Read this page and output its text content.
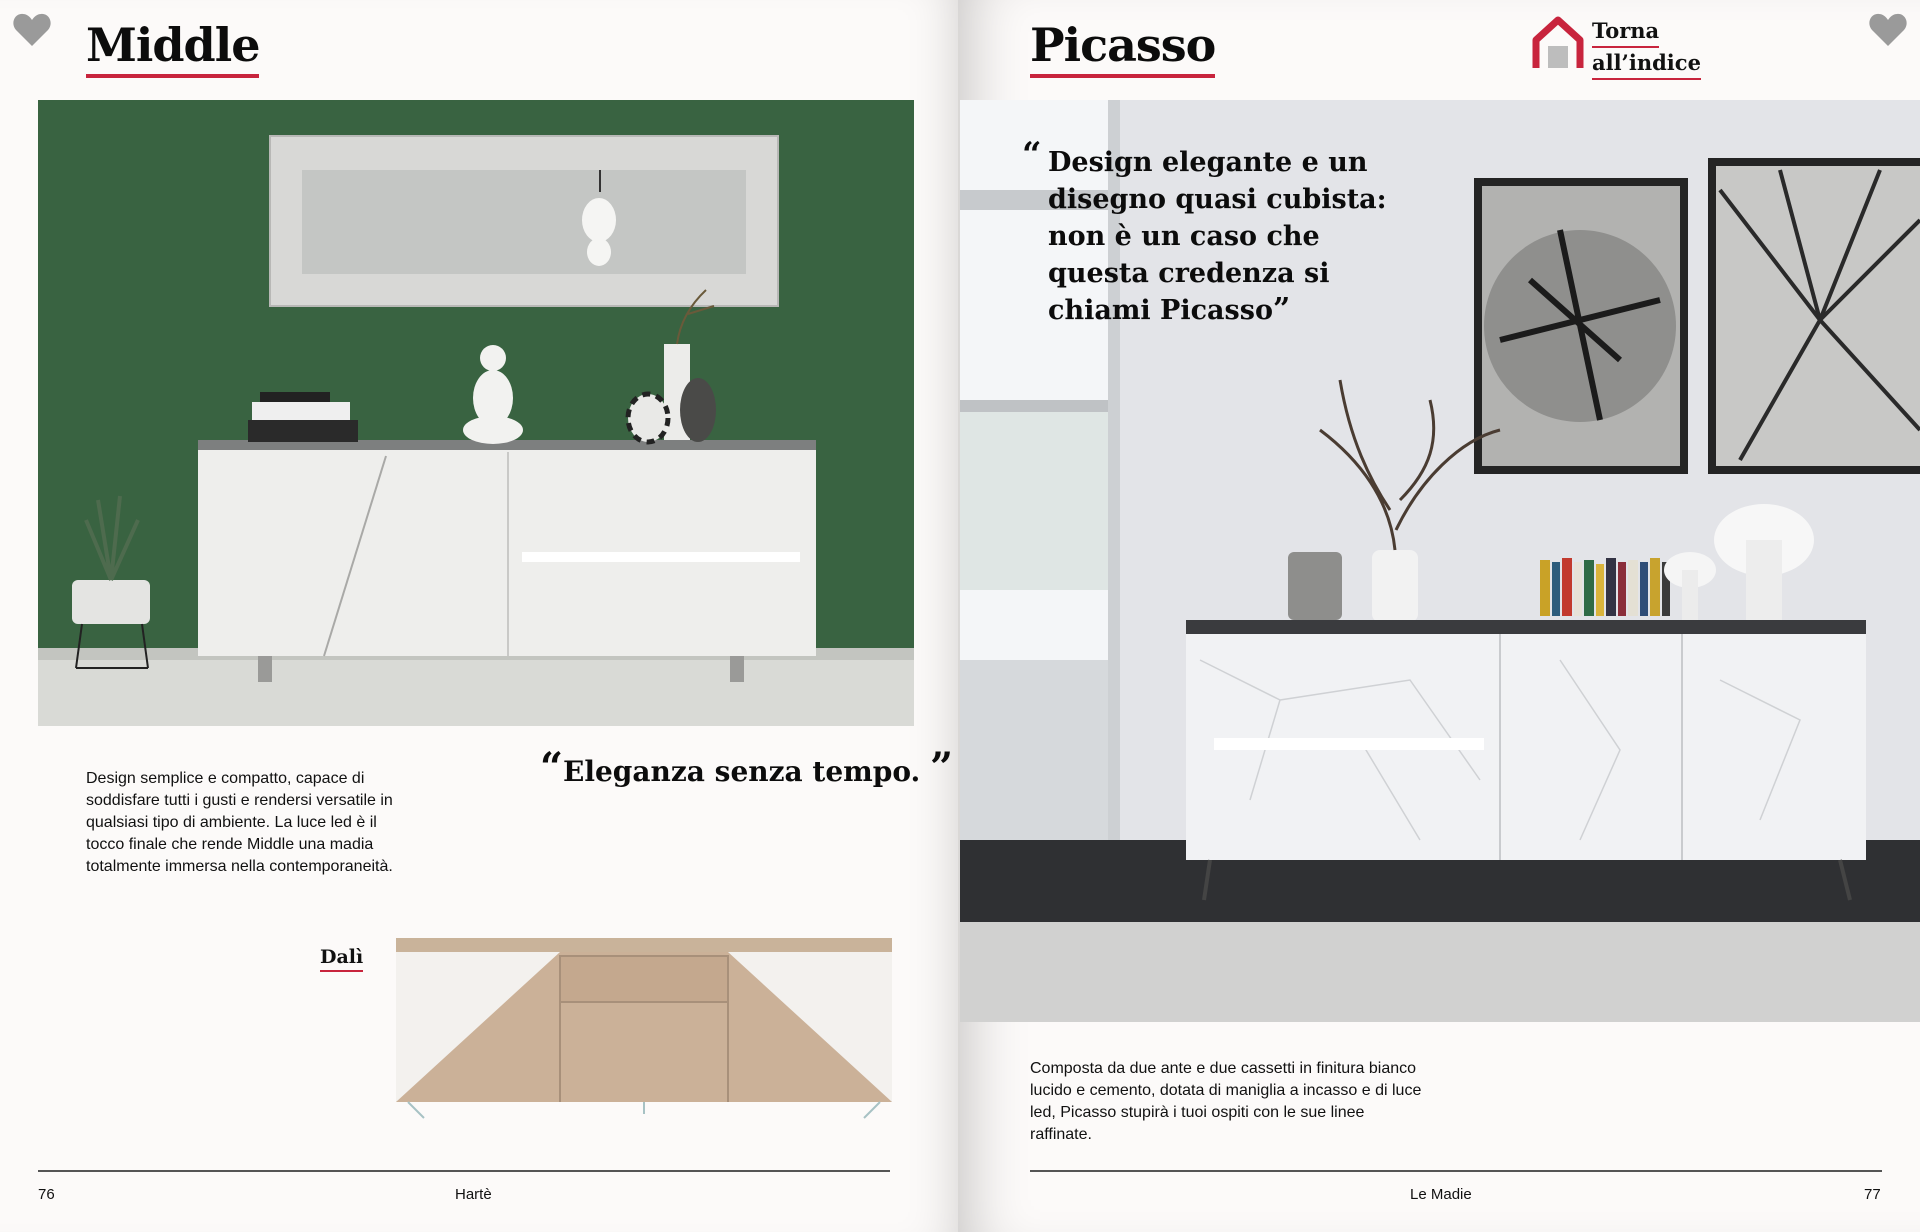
Middle
“Eleganza senza tempo. ”

Design semplice e compatto, capace di soddisfare tutti i gusti e rendersi versatile in qualsiasi tipo di ambiente. La luce led è il tocco finale che rende Middle una madia totalmente immersa nella contemporaneità.

Dalì
76	Hartè
Picasso	Torna
all’indice
“ Design elegante e un disegno quasi cubista: non è un caso che questa credenza si chiami Picasso”

Composta da due ante e due cassetti in finitura bianco lucido e cemento, dotata di maniglia a incasso e di luce led, Picasso stupirà i tuoi ospiti con le sue linee raffinate.

Le Madie	77
